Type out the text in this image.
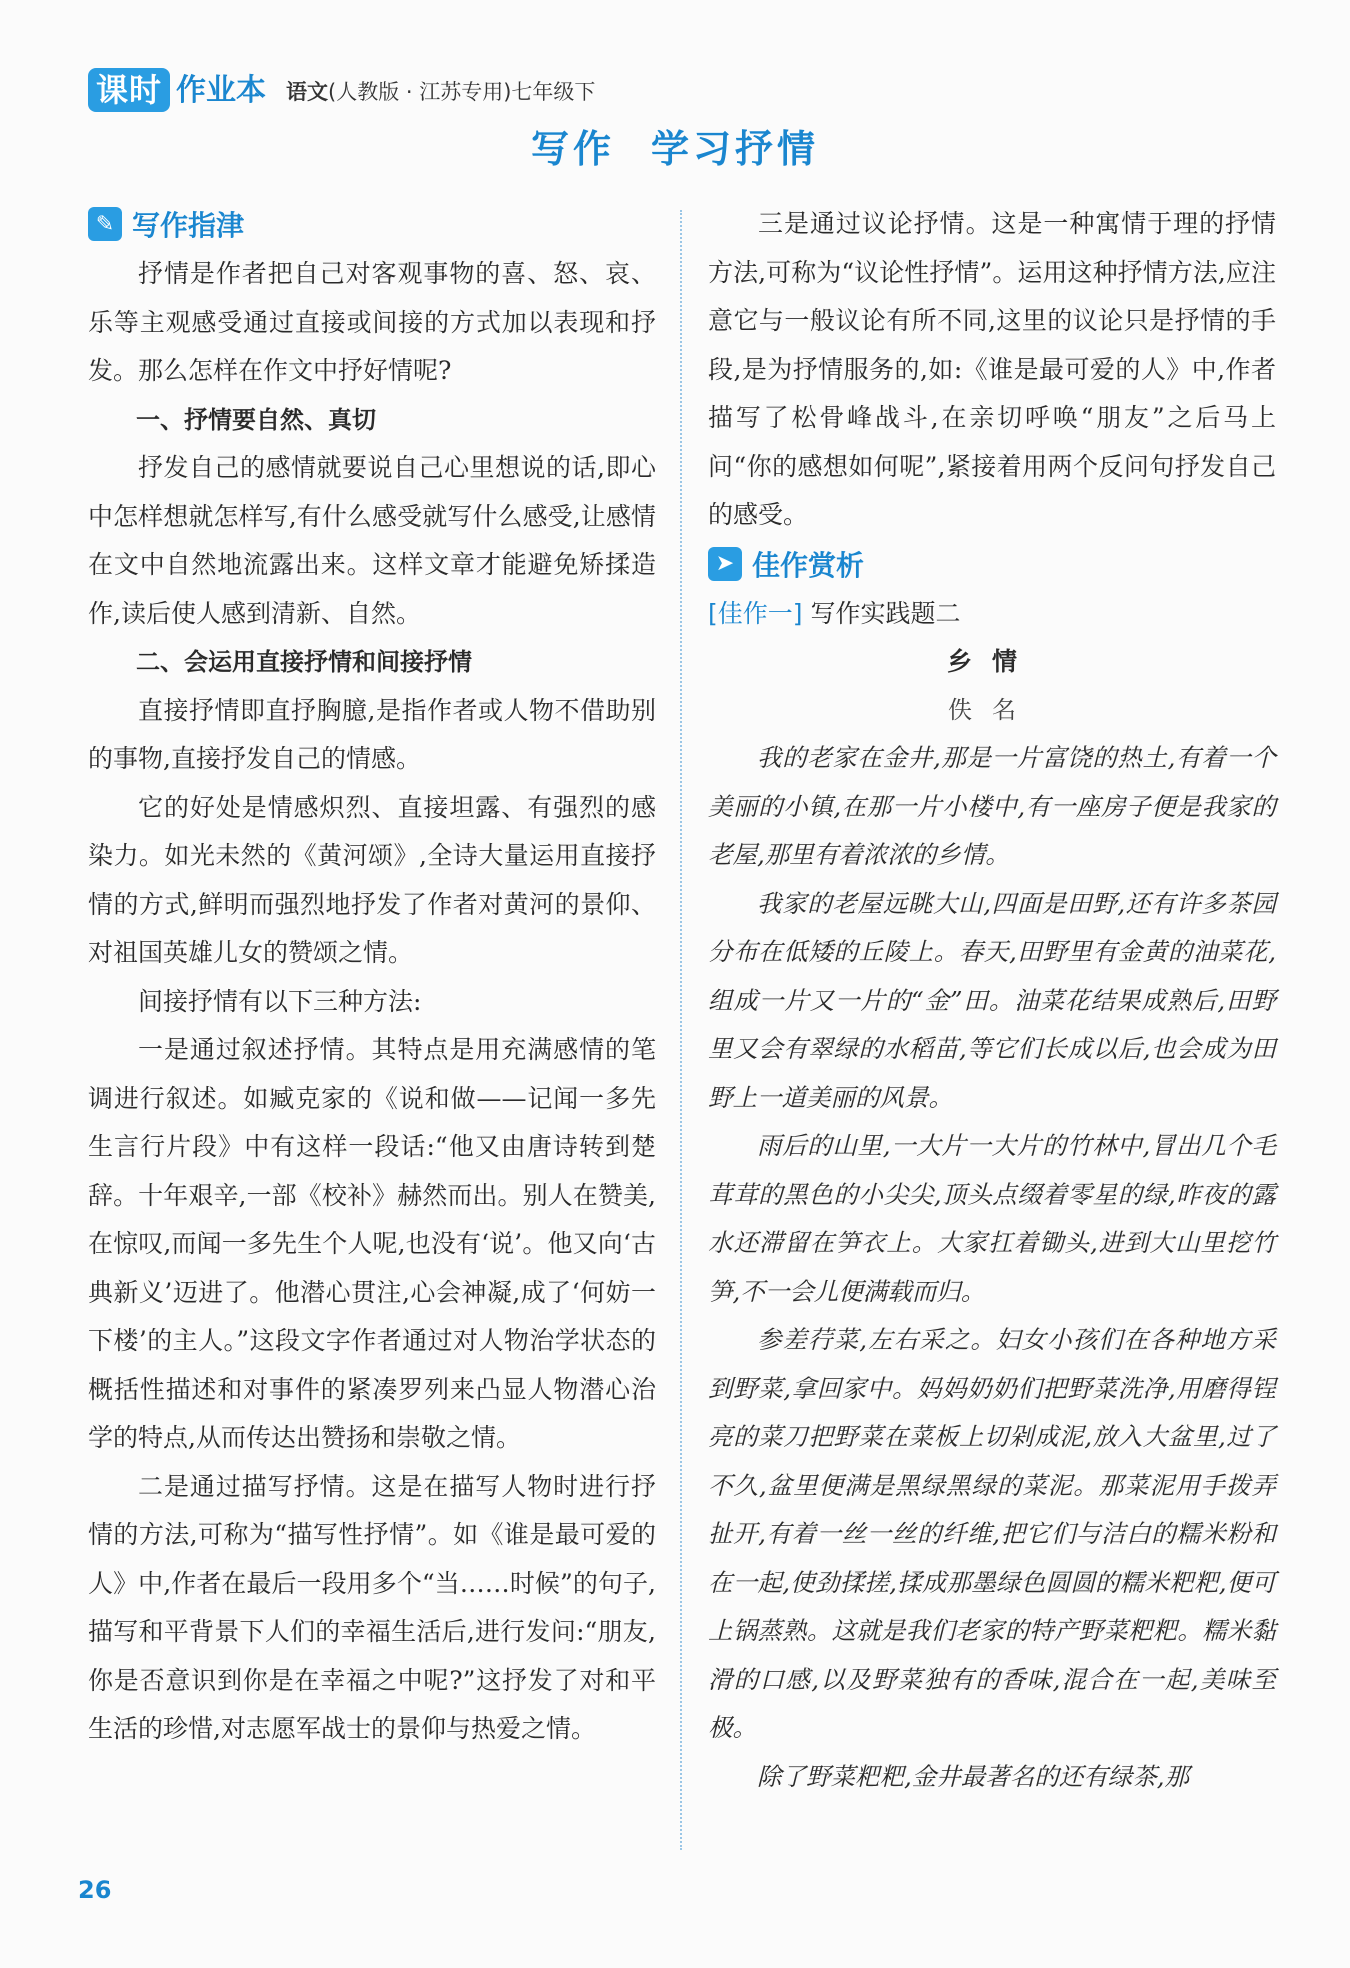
课时 作业本 语文(人教版 · 江苏专用)七年级下
写作 学习抒情
✎ 写作指津

抒情是作者把自己对客观事物的喜、怒、哀、乐等主观感受通过直接或间接的方式加以表现和抒发。那么怎样在作文中抒好情呢?

一、抒情要自然、真切

抒发自己的感情就要说自己心里想说的话,即心中怎样想就怎样写,有什么感受就写什么感受,让感情在文中自然地流露出来。这样文章才能避免矫揉造作,读后使人感到清新、自然。

二、会运用直接抒情和间接抒情

直接抒情即直抒胸臆,是指作者或人物不借助别的事物,直接抒发自己的情感。

它的好处是情感炽烈、直接坦露、有强烈的感染力。如光未然的《黄河颂》,全诗大量运用直接抒情的方式,鲜明而强烈地抒发了作者对黄河的景仰、对祖国英雄儿女的赞颂之情。

间接抒情有以下三种方法:

一是通过叙述抒情。其特点是用充满感情的笔调进行叙述。如臧克家的《说和做——记闻一多先生言行片段》中有这样一段话:“他又由唐诗转到楚辞。十年艰辛,一部《校补》赫然而出。别人在赞美,在惊叹,而闻一多先生个人呢,也没有‘说’。他又向‘古典新义’迈进了。他潜心贯注,心会神凝,成了‘何妨一下楼’的主人。”这段文字作者通过对人物治学状态的概括性描述和对事件的紧凑罗列来凸显人物潜心治学的特点,从而传达出赞扬和崇敬之情。

二是通过描写抒情。这是在描写人物时进行抒情的方法,可称为“描写性抒情”。如《谁是最可爱的人》中,作者在最后一段用多个“当……时候”的句子,描写和平背景下人们的幸福生活后,进行发问:“朋友,你是否意识到你是在幸福之中呢?”这抒发了对和平生活的珍惜,对志愿军战士的景仰与热爱之情。

三是通过议论抒情。这是一种寓情于理的抒情方法,可称为“议论性抒情”。运用这种抒情方法,应注意它与一般议论有所不同,这里的议论只是抒情的手段,是为抒情服务的,如:《谁是最可爱的人》中,作者描写了松骨峰战斗,在亲切呼唤“朋友”之后马上问“你的感想如何呢”,紧接着用两个反问句抒发自己的感受。

➤ 佳作赏析

[佳作一] 写作实践题二

乡情
佚名

我的老家在金井,那是一片富饶的热土,有着一个美丽的小镇,在那一片小楼中,有一座房子便是我家的老屋,那里有着浓浓的乡情。

我家的老屋远眺大山,四面是田野,还有许多茶园分布在低矮的丘陵上。春天,田野里有金黄的油菜花,组成一片又一片的“金”田。油菜花结果成熟后,田野里又会有翠绿的水稻苗,等它们长成以后,也会成为田野上一道美丽的风景。

雨后的山里,一大片一大片的竹林中,冒出几个毛茸茸的黑色的小尖尖,顶头点缀着零星的绿,昨夜的露水还滞留在笋衣上。大家扛着锄头,进到大山里挖竹笋,不一会儿便满载而归。

参差荇菜,左右采之。妇女小孩们在各种地方采到野菜,拿回家中。妈妈奶奶们把野菜洗净,用磨得锃亮的菜刀把野菜在菜板上切剁成泥,放入大盆里,过了不久,盆里便满是黑绿黑绿的菜泥。那菜泥用手拨弄扯开,有着一丝一丝的纤维,把它们与洁白的糯米粉和在一起,使劲揉搓,揉成那墨绿色圆圆的糯米粑粑,便可上锅蒸熟。这就是我们老家的特产野菜粑粑。糯米黏滑的口感,以及野菜独有的香味,混合在一起,美味至极。

除了野菜粑粑,金井最著名的还有绿茶,那

26
